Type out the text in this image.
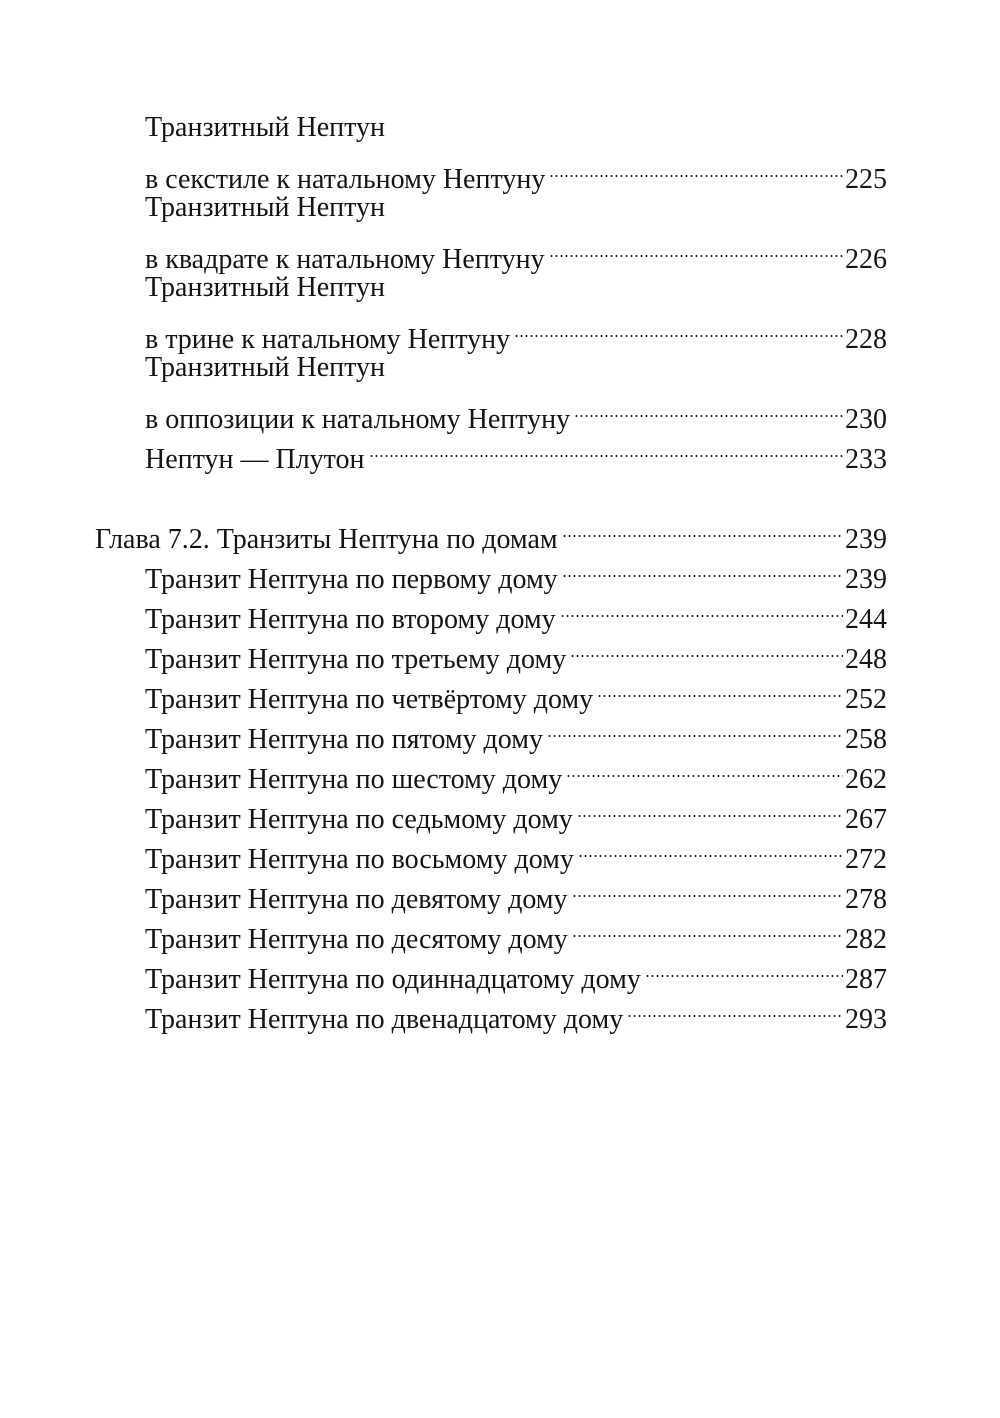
Транзитный Нептун
в секстиле к натальному Нептуну	225
Транзитный Нептун
в квадрате к натальному Нептуну	226
Транзитный Нептун
в трине к натальному Нептуну	228
Транзитный Нептун
в оппозиции к натальному Нептуну	230
Нептун — Плутон	233
Глава 7.2. Транзиты Нептуна по домам	239
Транзит Нептуна по первому дому	239
Транзит Нептуна по второму дому	244
Транзит Нептуна по третьему дому	248
Транзит Нептуна по четвёртому дому	252
Транзит Нептуна по пятому дому	258
Транзит Нептуна по шестому дому	262
Транзит Нептуна по седьмому дому	267
Транзит Нептуна по восьмому дому	272
Транзит Нептуна по девятому дому	278
Транзит Нептуна по десятому дому	282
Транзит Нептуна по одиннадцатому дому	287
Транзит Нептуна по двенадцатому дому	293
